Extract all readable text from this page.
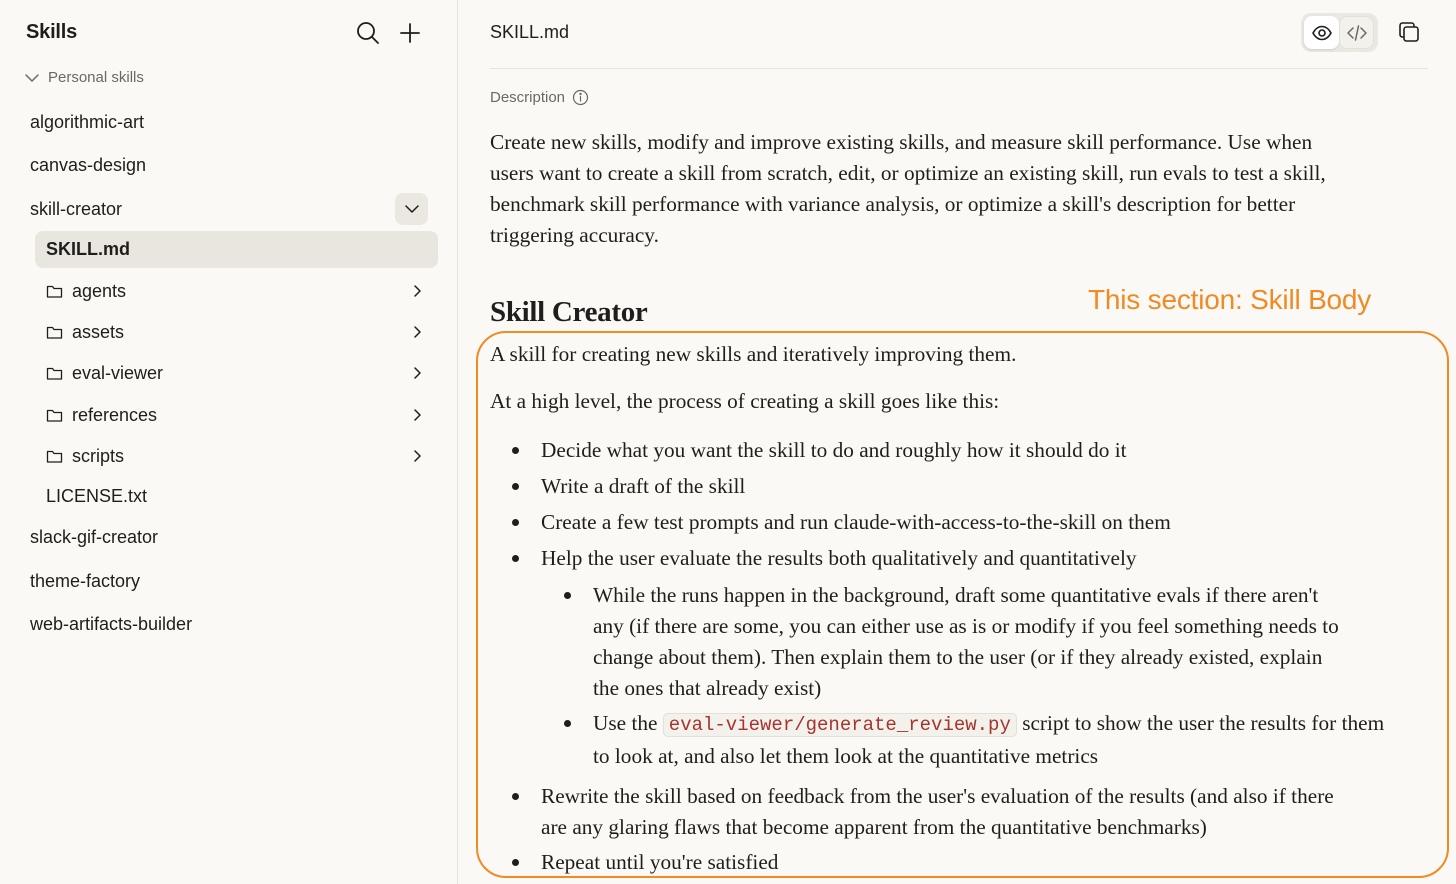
Skills
Personal skills
algorithmic-art
canvas-design
skill-creator
SKILL.md
agents
assets
eval-viewer
references
scripts
LICENSE.txt
slack-gif-creator
theme-factory
web-artifacts-builder
SKILL.md
Description
Create new skills, modify and improve existing skills, and measure skill performance. Use when
users want to create a skill from scratch, edit, or optimize an existing skill, run evals to test a skill,
benchmark skill performance with variance analysis, or optimize a skill's description for better
triggering accuracy.
This section: Skill Body
Skill Creator
A skill for creating new skills and iteratively improving them.
At a high level, the process of creating a skill goes like this:
Decide what you want the skill to do and roughly how it should do it
Write a draft of the skill
Create a few test prompts and run claude-with-access-to-the-skill on them
Help the user evaluate the results both qualitatively and quantitatively
While the runs happen in the background, draft some quantitative evals if there aren't
any (if there are some, you can either use as is or modify if you feel something needs to
change about them). Then explain them to the user (or if they already existed, explain
the ones that already exist)
Use the eval-viewer/generate_review.py script to show the user the results for them
to look at, and also let them look at the quantitative metrics
Rewrite the skill based on feedback from the user's evaluation of the results (and also if there
are any glaring flaws that become apparent from the quantitative benchmarks)
Repeat until you're satisfied
